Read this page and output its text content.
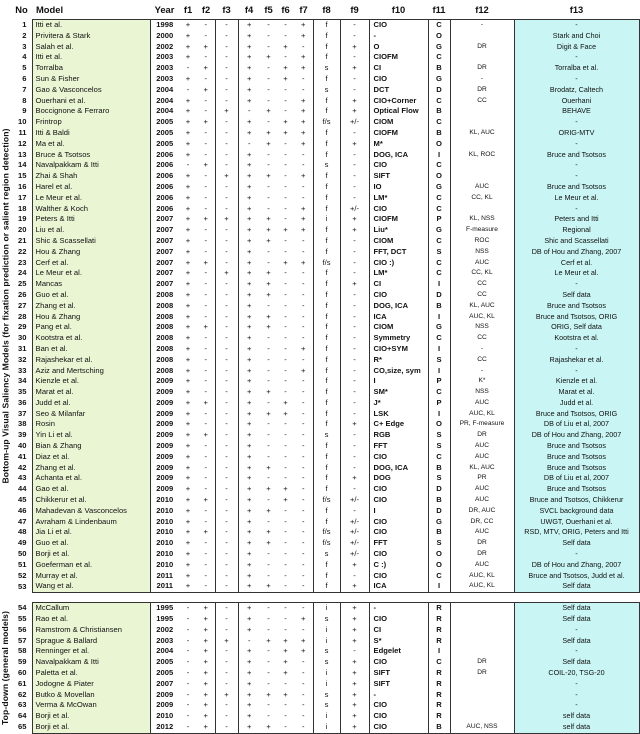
Bottom-up Visual Saliency Models (for fixation prediction or salient region detection)
Top-down (general models)
No	Model	Year	f1	f2	f3	f4	f5	f6	f7	f8	f9	f10	f11	f12	f13
1	Itti et al.	1998	+	-	-	+	-	-	+	f	-	CIO	C	-	-
2	Privitera & Stark	2000	+	-	-	+	-	-	+	f	-	-	O		Stark and Choi
3	Salah et al.	2002	+	+	-	+	-	+	-	f	+	O	G	DR	Digit & Face
4	Itti et al.	2003	+	-	-	+	+	-	+	f	-	CIOFM	C		-
5	Torralba	2003	-	+	-	+	-	+	+	s	+	CI	B	DR	Torralba et al.
6	Sun & Fisher	2003	+	-	-	+	-	+	-	f	-	CIO	G	-	-
7	Gao & Vasconcelos	2004	-	+	-	+	-	-	-	s	-	DCT	D	DR	Brodatz, Caltech
8	Ouerhani et al.	2004	+	-	-	+	-	-	+	f	+	CIO+Corner	C	CC	Ouerhani
9	Boccignone & Ferraro	2004	+	-	+	-	+	-	+	f	+	Optical Flow	B		BEHAVE
10	Frintrop	2005	+	+	-	+	-	+	+	f/s	+/-	CIOM	C		-
11	Itti & Baldi	2005	+	-	-	+	+	+	+	f	-	CIOFM	B	KL, AUC	ORIG-MTV
12	Ma et al.	2005	+	-	-	-	+	-	+	f	+	M*	O		-
13	Bruce & Tsotsos	2006	+	-	-	+	-	-	-	f	-	DOG, ICA	I	KL, ROC	Bruce and Tsotsos
14	Navalpakkam & Itti	2006	-	+	-	+	-	-	-	s	-	CIO	C		-
15	Zhai & Shah	2006	+	-	+	+	+	-	+	f	-	SIFT	O		-
16	Harel et al.	2006	+	-	-	+	-	-	-	f	-	IO	G	AUC	Bruce and Tsotsos
17	Le Meur et al.	2006	+	-	-	+	-	-	-	f	-	LM*	C	CC, KL	Le Meur et al.
18	Walther & Koch	2006	+	-	-	+	-	-	+	f	+/-	CIO	C		-
19	Peters & Itti	2007	+	+	+	+	+	-	+	i	+	CIOFM	P	KL, NSS	Peters and Itti
20	Liu et al.	2007	+	-	-	+	+	+	+	f	+	Liu*	G	F-measure	Regional
21	Shic & Scassellati	2007	+	-	-	+	+	-	-	f	-	CIOM	C	ROC	Shic and Scassellati
22	Hou & Zhang	2007	+	-	-	+	-	-	-	f	-	FFT, DCT	S	NSS	DB of Hou and Zhang, 2007
23	Cerf et al.	2007	+	+	-	+	-	+	+	f/s	-	CIO :)	C	AUC	Cerf et al.
24	Le Meur et al.	2007	+	-	+	+	+	-	-	f	-	LM*	C	CC, KL	Le Meur et al.
25	Mancas	2007	+	-	-	+	+	-	-	f	+	CI	I	CC	-
26	Guo et al.	2008	+	-	-	+	+	-	-	f	-	CIO	D	CC	Self data
27	Zhang et al.	2008	+	-	-	+	-	-	-	f	-	DOG, ICA	B	KL, AUC	Bruce and Tsotsos
28	Hou & Zhang	2008	+	-	-	+	+	-	-	f	-	ICA	I	AUC, KL	Bruce and Tsotsos, ORIG
29	Pang et al.	2008	+	+	-	+	+	-	-	f	-	CIOM	G	NSS	ORIG, Self data
30	Kootstra et al.	2008	+	-	-	+	-	-	-	f	-	Symmetry	C	CC	Kootstra et al.
31	Ban et al.	2008	+	-	-	+	-	-	+	f	-	CIO+SYM	I	-	-
32	Rajashekar et al.	2008	+	-	-	+	-	-	-	f	-	R*	S	CC	Rajashekar et al.
33	Aziz and Mertsching	2008	+	-	-	+	-	-	+	f	-	CO,size, sym	I	-	-
34	Kienzle et al.	2009	+	-	-	+	-	-	-	f	-	I	P	K*	Kienzle et al.
35	Marat et al.	2009	+	-	-	+	+	-	-	f	-	SM*	C	NSS	Marat et al.
36	Judd et al.	2009	+	+	-	+	-	+	-	f	-	J*	P	AUC	Judd et al.
37	Seo & Milanfar	2009	+	-	-	+	+	+	-	f	-	LSK	I	AUC, KL	Bruce and Tsotsos, ORIG
38	Rosin	2009	+	-	-	+	-	-	-	f	+	C+ Edge	O	PR, F-measure	DB of Liu et al, 2007
39	Yin Li et al.	2009	+	+	-	+	-	-	-	s	-	RGB	S	DR	DB of Hou and Zhang, 2007
40	Bian & Zhang	2009	+	-	-	+	-	-	-	f	-	FFT	S	AUC	Bruce and Tsotsos
41	Diaz et al.	2009	+	-	-	+	-	-	-	f	-	CIO	C	AUC	Bruce and Tsotsos
42	Zhang et al.	2009	+	-	-	+	+	-	-	f	-	DOG, ICA	B	KL, AUC	Bruce and Tsotsos
43	Achanta et al.	2009	+	-	-	+	-	-	-	f	+	DOG	S	PR	DB of Liu et al, 2007
44	Gao et al.	2009	+	-	-	+	+	+	-	f	-	CIO	D	AUC	Bruce and Tsotsos
45	Chikkerur et al.	2010	+	+	-	+	-	+	-	f/s	+/-	CIO	B	AUC	Bruce and Tsotsos, Chikkerur
46	Mahadevan & Vasconcelos	2010	+	-	-	+	+	-	-	f	-	I	D	DR, AUC	SVCL background data
47	Avraham & Lindenbaum	2010	+	-	-	+	-	-	-	f	+/-	CIO	G	DR, CC	UWGT, Ouerhani et al.
48	Jia Li et al.	2010	+	+	-	+	+	-	-	f/s	+/-	CIO	B	AUC	RSD, MTV, ORIG, Peters and Itti
49	Guo et al.	2010	+	-	-	+	+	-	-	f/s	+/-	FFT	S	DR	Self data
50	Borji et al.	2010	+	-	-	+	-	-	-	s	+/-	CIO	O	DR	-
51	Goeferman et al.	2010	+	-	-	+	-	-	-	f	+	C :)	O	AUC	DB of Hou and Zhang, 2007
52	Murray et al.	2011	+	-	-	+	-	-	-	f	-	CIO	C	AUC, KL	Bruce and Tsotsos, Judd et al.
53	Wang et al.	2011	+	-	-	+	+	-	-	f	+	ICA	I	AUC, KL	Self data

54	McCallum	1995	-	+	-	+	-	-	-	i	+	-	R		Self data
55	Rao et al.	1995	-	+	-	+	-	-	+	s	+	CIO	R		Self data
56	Ramstrom & Christiansen	2002	-	+	-	+	-	-	-	i	+	CI	R		-
57	Sprague & Ballard	2003	-	+	+	-	+	+	+	i	+	S*	R		Self data
58	Renninger et al.	2004	-	+	-	+	-	+	+	s	-	Edgelet	I		-
59	Navalpakkam & Itti	2005	-	+	-	+	-	+	-	s	+	CIO	C	DR	Self data
60	Paletta et al.	2005	-	+	-	+	-	+	-	i	+	SIFT	R	DR	COIL-20, TSG-20
61	Jodogne & Piater	2007	-	+	-	+	-	-	-	i	+	SIFT	R		-
62	Butko & Movellan	2009	-	+	+	+	+	+	-	s	+	-	R		-
63	Verma & McOwan	2009	-	+	-	+	-	-	-	s	+	CIO	R		-
64	Borji et al.	2010	-	+	-	+	-	-	-	i	+	CIO	R		self data
65	Borji et al.	2012	-	+	-	+	+	-	-	i	+	CIO	B	AUC, NSS	self data
